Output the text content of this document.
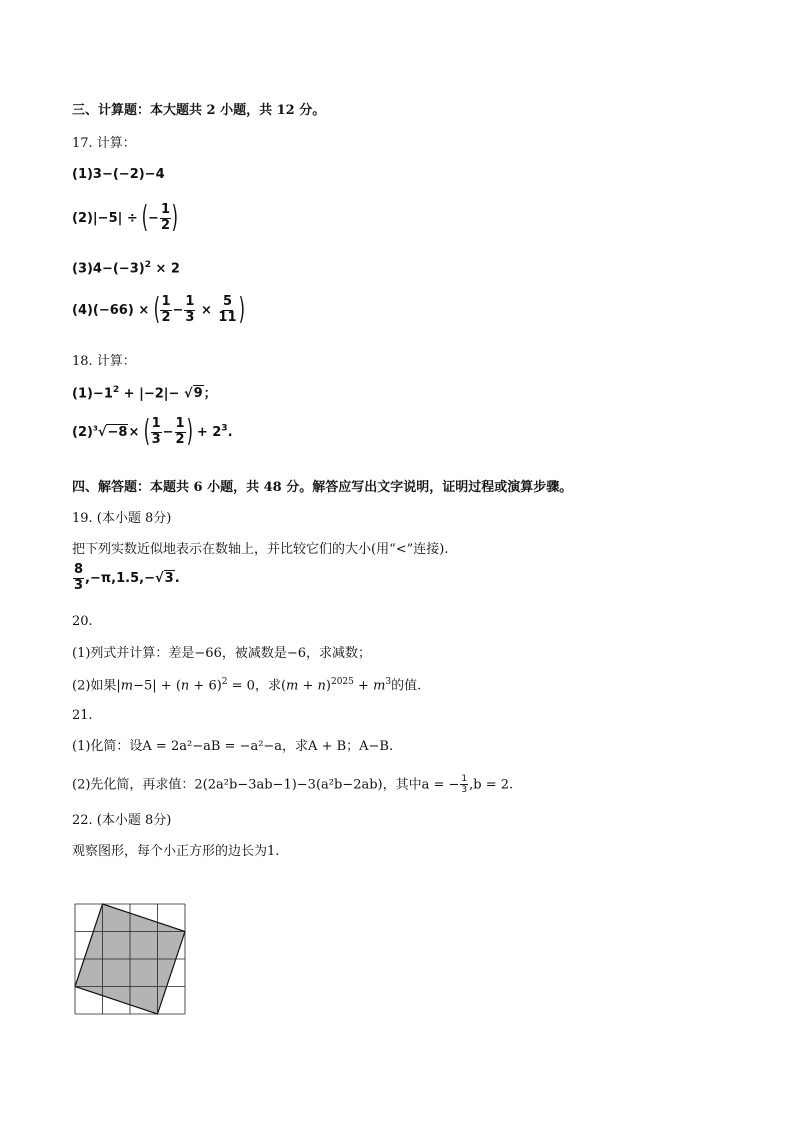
三、计算题：本大题共 2 小题，共 12 分。
17. 计算：
(1)3−(−2)−4
(2)|−5| ÷ (− $\frac{1}{2}$ )
$(3)4-(-3)^2 \times 2$
(4)(−66) × ( $\frac{1}{2} - \frac{1}{3} \times \frac{5}{11}$ )
18. 计算：
$(1)-1^2 + |-2|- √9$；
$(2)^3√-8\times$ ( $\frac{1}{3} - \frac{1}{2}$ ) + $2^3$.
四、解答题：本题共 6 小题，共 48 分。解答应写出文字说明，证明过程或演算步骤。
19. (本小题 8分)
把下列实数近似地表示在数轴上，并比较它们的大小(用“<”连接).
$\frac{8}{3} ,-\pi,1.5,-√3$.
20.
(1)列式并计算：差是−66，被减数是−6，求减数；
(2)如果$|m-5| + (n + 6)^2 = 0$，求$(m + n)^{2025} + m^3$的值.
21.
(1)化简：设A = 2a²−aB = −a²−a，求A + B；A−B.
(2)先化简，再求值：2(2a²b−3ab−1)−3(a²b−2ab)，其中a = − $\frac{1}{3} ,b = 2$.
22. (本小题 8分)
观察图形，每个小正方形的边长为1.
